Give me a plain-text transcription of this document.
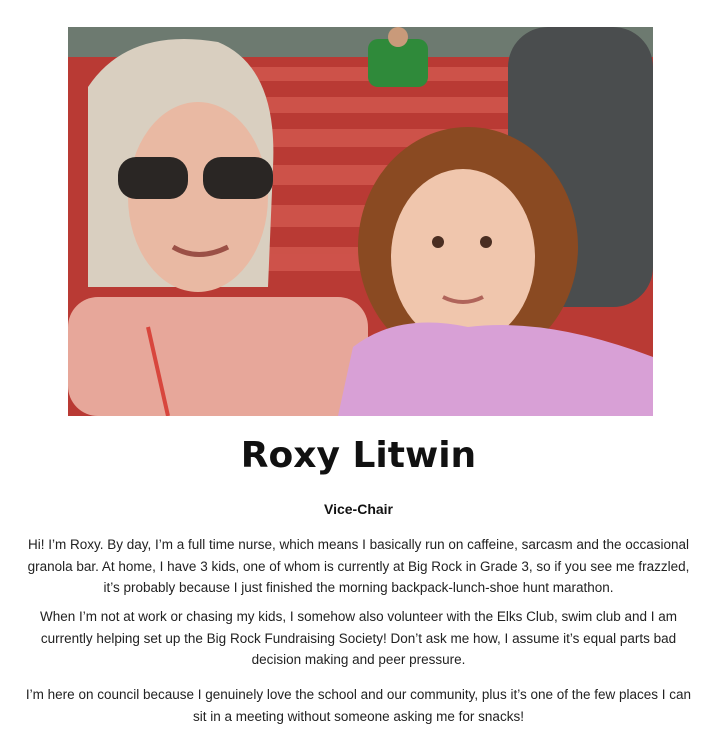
Roxy Litwin
Vice-Chair

Hi! I’m Roxy. By day, I’m a full time nurse, which means I basically run on caffeine, sarcasm and the occasional granola bar. At home, I have 3 kids, one of whom is currently at Big Rock in Grade 3, so if you see me frazzled, it’s probably because I just finished the morning backpack-lunch-shoe hunt marathon.

When I’m not at work or chasing my kids, I somehow also volunteer with the Elks Club, swim club and I am currently helping set up the Big Rock Fundraising Society! Don’t ask me how, I assume it’s equal parts bad decision making and peer pressure.

I’m here on council because I genuinely love the school and our community, plus it’s one of the few places I can sit in a meeting without someone asking me for snacks!
